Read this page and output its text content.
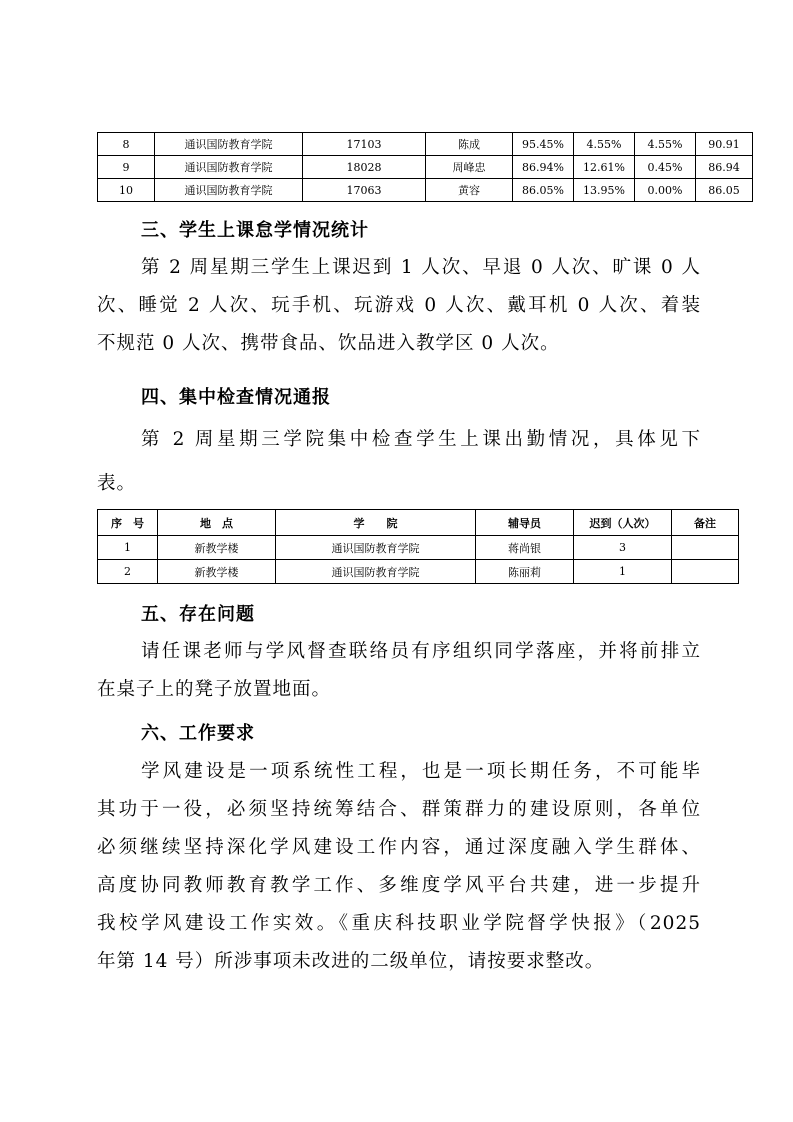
8	通识国防教育学院	17103	陈成	95.45%	4.55%	4.55%	90.91
9	通识国防教育学院	18028	周峰忠	86.94%	12.61%	0.45%	86.94
10	通识国防教育学院	17063	黄容	86.05%	13.95%	0.00%	86.05
三、学生上课怠学情况统计

第 2 周星期三学生上课迟到 1 人次、早退 0 人次、旷课 0 人
次、睡觉 2 人次、玩手机、玩游戏 0 人次、戴耳机 0 人次、着装
不规范 0 人次、携带食品、饮品进入教学区 0 人次。

四、集中检查情况通报

第 2 周星期三学院集中检查学生上课出勤情况，具体见下
表。

序　号	地　点	学　　院	辅导员	迟到（人次）	备注
1	新教学楼	通识国防教育学院	蒋尚银	3	
2	新教学楼	通识国防教育学院	陈丽莉	1	
五、存在问题

请任课老师与学风督查联络员有序组织同学落座，并将前排立
在桌子上的凳子放置地面。

六、工作要求

学风建设是一项系统性工程，也是一项长期任务，不可能毕
其功于一役，必须坚持统筹结合、群策群力的建设原则，各单位
必须继续坚持深化学风建设工作内容，通过深度融入学生群体、
高度协同教师教育教学工作、多维度学风平台共建，进一步提升
我校学风建设工作实效。《重庆科技职业学院督学快报》（2025
年第 14 号）所涉事项未改进的二级单位，请按要求整改。
